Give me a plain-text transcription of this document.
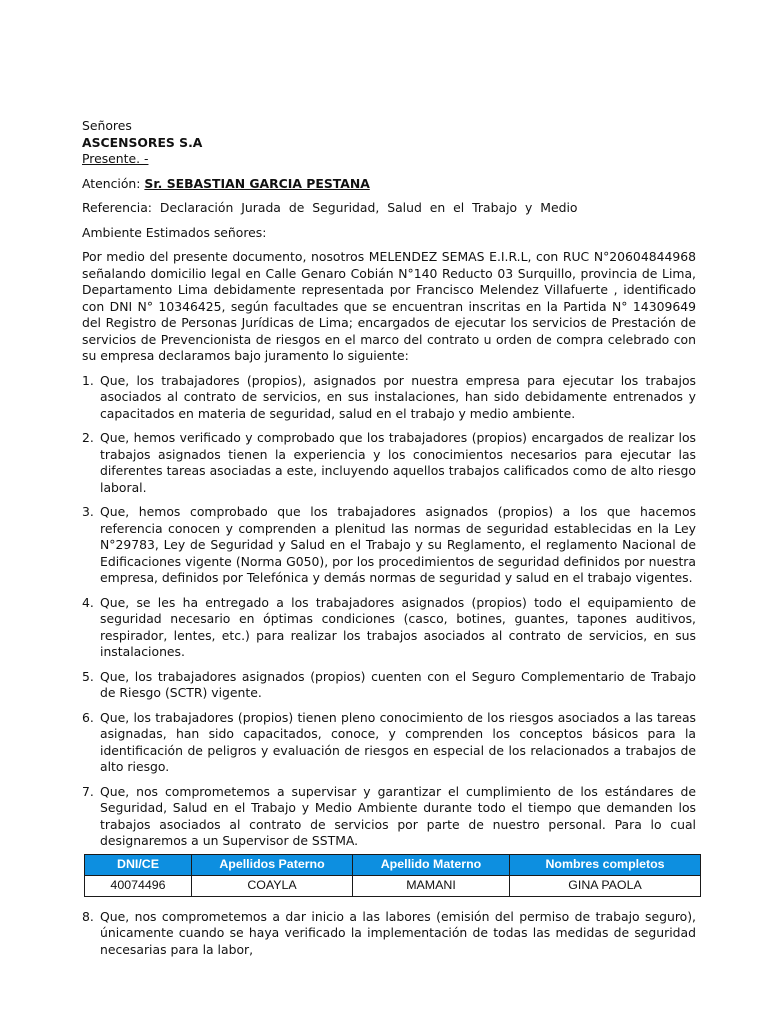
Señores

ASCENSORES S.A

Presente. -

Atención: Sr. SEBASTIAN GARCIA PESTANA

Referencia: Declaración Jurada de Seguridad, Salud en el Trabajo y Medio

Ambiente Estimados señores:

Por medio del presente documento, nosotros MELENDEZ SEMAS E.I.R.L, con RUC N°20604844968 señalando domicilio legal en Calle Genaro Cobián N°140 Reducto 03 Surquillo, provincia de Lima, Departamento Lima debidamente representada por Francisco Melendez Villafuerte , identificado con DNI N° 10346425, según facultades que se encuentran inscritas en la Partida N° 14309649 del Registro de Personas Jurídicas de Lima; encargados de ejecutar los servicios de Prestación de servicios de Prevencionista de riesgos en el marco del contrato u orden de compra celebrado con su empresa declaramos bajo juramento lo siguiente:

1. Que, los trabajadores (propios), asignados por nuestra empresa para ejecutar los trabajos asociados al contrato de servicios, en sus instalaciones, han sido debidamente entrenados y capacitados en materia de seguridad, salud en el trabajo y medio ambiente.
2. Que, hemos verificado y comprobado que los trabajadores (propios) encargados de realizar los trabajos asignados tienen la experiencia y los conocimientos necesarios para ejecutar las diferentes tareas asociadas a este, incluyendo aquellos trabajos calificados como de alto riesgo laboral.
3. Que, hemos comprobado que los trabajadores asignados (propios) a los que hacemos referencia conocen y comprenden a plenitud las normas de seguridad establecidas en la Ley N°29783, Ley de Seguridad y Salud en el Trabajo y su Reglamento, el reglamento Nacional de Edificaciones vigente (Norma G050), por los procedimientos de seguridad definidos por nuestra empresa, definidos por Telefónica y demás normas de seguridad y salud en el trabajo vigentes.
4. Que, se les ha entregado a los trabajadores asignados (propios) todo el equipamiento de seguridad necesario en óptimas condiciones (casco, botines, guantes, tapones auditivos, respirador, lentes, etc.) para realizar los trabajos asociados al contrato de servicios, en sus instalaciones.
5. Que, los trabajadores asignados (propios) cuenten con el Seguro Complementario de Trabajo de Riesgo (SCTR) vigente.
6. Que, los trabajadores (propios) tienen pleno conocimiento de los riesgos asociados a las tareas asignadas, han sido capacitados, conoce, y comprenden los conceptos básicos para la identificación de peligros y evaluación de riesgos en especial de los relacionados a trabajos de alto riesgo.
7. Que, nos comprometemos a supervisar y garantizar el cumplimiento de los estándares de Seguridad, Salud en el Trabajo y Medio Ambiente durante todo el tiempo que demanden los trabajos asociados al contrato de servicios por parte de nuestro personal. Para lo cual designaremos a un Supervisor de SSTMA.
DNI/CE	Apellidos Paterno	Apellido Materno	Nombres completos
40074496	COAYLA	MAMANI	GINA PAOLA
8. Que, nos comprometemos a dar inicio a las labores (emisión del permiso de trabajo seguro), únicamente cuando se haya verificado la implementación de todas las medidas de seguridad necesarias para la labor,
